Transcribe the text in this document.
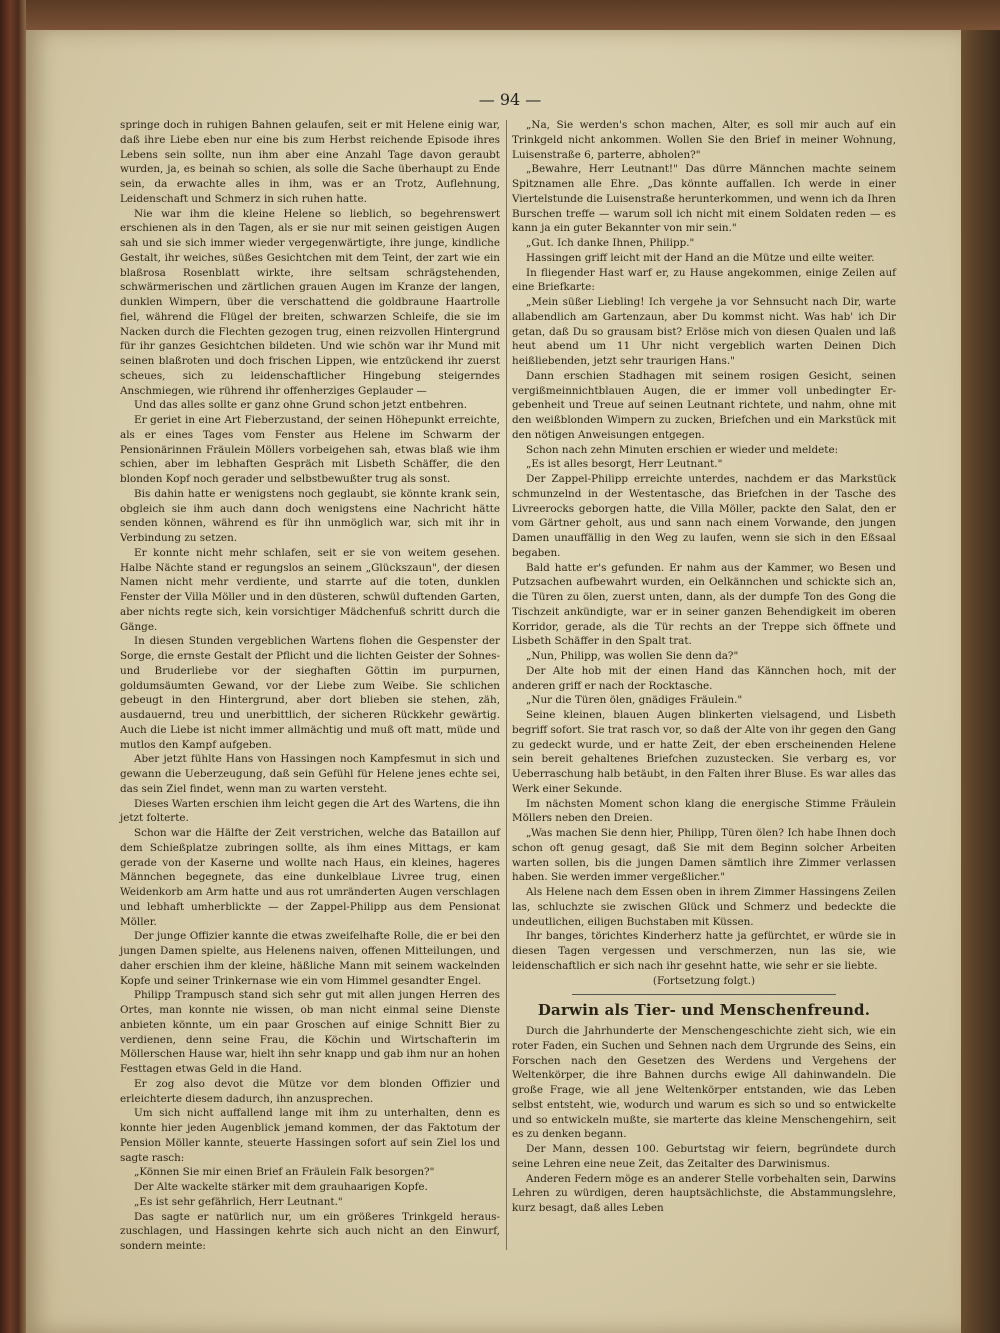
— 94 —

springe doch in ruhigen Bahnen gelaufen, seit er mit Helene einig war, daß ihre Liebe eben nur eine bis zum Herbst reichende Episode ihres Lebens sein sollte, nun ihm aber eine Anzahl Tage davon geraubt wurden, ja, es beinah so schien, als solle die Sache überhaupt zu Ende sein, da erwachte alles in ihm, was er an Trotz, Auflehnung, Leidenschaft und Schmerz in sich ruhen hatte.

Nie war ihm die kleine Helene so lieblich, so begehrenswert erschienen als in den Tagen, als er sie nur mit seinen geistigen Augen sah und sie sich immer wieder vergegenwärtigte, ihre junge, kindliche Gestalt, ihr weiches, süßes Gesichtchen mit dem Teint, der zart wie ein blaßrosa Rosenblatt wirkte, ihre seltsam schrägstehenden, schwärmerischen und zärtlichen grauen Augen im Kranze der langen, dunklen Wimpern, über die verschattend die goldbraune Haartrolle fiel, während die Flügel der breiten, schwarzen Schleife, die sie im Nacken durch die Flechten gezogen trug, einen reizvollen Hintergrund für ihr ganzes Gesichtchen bildeten. Und wie schön war ihr Mund mit seinen blaßroten und doch frischen Lippen, wie entzückend ihr zuerst scheues, sich zu leidenschaftlicher Hingebung steigerndes Anschmiegen, wie rührend ihr offenherziges Geplauder —

Und das alles sollte er ganz ohne Grund schon jetzt entbehren.

Er geriet in eine Art Fieberzustand, der seinen Höhepunkt erreichte, als er eines Tages vom Fenster aus Helene im Schwarm der Pensionärinnen Fräulein Möllers vorbeigehen sah, etwas blaß wie ihm schien, aber im lebhaften Gespräch mit Lisbeth Schäffer, die den blonden Kopf noch gerader und selbstbewußter trug als sonst.

Bis dahin hatte er wenigstens noch geglaubt, sie könnte krank sein, obgleich sie ihm auch dann doch wenigstens eine Nachricht hätte senden können, während es für ihn unmöglich war, sich mit ihr in Verbindung zu setzen.

Er konnte nicht mehr schlafen, seit er sie von weitem gesehen. Halbe Nächte stand er regungslos an seinem „Glückszaun", der diesen Namen nicht mehr verdiente, und starrte auf die toten, dunklen Fenster der Villa Möller und in den düsteren, schwül duftenden Garten, aber nichts regte sich, kein vorsichtiger Mädchenfuß schritt durch die Gänge.

In diesen Stunden vergeblichen Wartens flohen die Gespenster der Sorge, die ernste Gestalt der Pflicht und die lichten Geister der Sohnes- und Bruderliebe vor der sieghaften Göttin im purpurnen, goldumsäumten Gewand, vor der Liebe zum Weibe. Sie schlichen gebeugt in den Hintergrund, aber dort blieben sie stehen, zäh, ausdauernd, treu und unerbittlich, der sicheren Rückkehr gewärtig. Auch die Liebe ist nicht immer allmächtig und muß oft matt, müde und mutlos den Kampf aufgeben.

Aber jetzt fühlte Hans von Hassingen noch Kampfesmut in sich und gewann die Ueberzeugung, daß sein Gefühl für Helene jenes echte sei, das sein Ziel findet, wenn man zu warten versteht.

Dieses Warten erschien ihm leicht gegen die Art des Wartens, die ihn jetzt folterte.

Schon war die Hälfte der Zeit verstrichen, welche das Bataillon auf dem Schießplatze zubringen sollte, als ihm eines Mittags, er kam gerade von der Kaserne und wollte nach Haus, ein kleines, hageres Männchen begegnete, das eine dunkelblaue Livree trug, einen Weidenkorb am Arm hatte und aus rot umränderten Augen verschlagen und lebhaft umherblickte — der Zappel-Philipp aus dem Pensionat Möller.

Der junge Offizier kannte die etwas zweifelhafte Rolle, die er bei den jungen Damen spielte, aus Helenens naiven, offenen Mitteilungen, und daher erschien ihm der kleine, häßliche Mann mit seinem wackelnden Kopfe und seiner Trinkernase wie ein vom Himmel gesandter Engel.

Philipp Trampusch stand sich sehr gut mit allen jungen Herren des Ortes, man konnte nie wissen, ob man nicht einmal seine Dienste anbieten könnte, um ein paar Groschen auf einige Schnitt Bier zu verdienen, denn seine Frau, die Köchin und Wirtschafterin im Möllerschen Hause war, hielt ihn sehr knapp und gab ihm nur an hohen Festtagen etwas Geld in die Hand.

Er zog also devot die Mütze vor dem blonden Offizier und erleichterte diesem dadurch, ihn anzusprechen.

Um sich nicht auffallend lange mit ihm zu unterhalten, denn es konnte hier jeden Augenblick jemand kommen, der das Faktotum der Pension Möller kannte, steuerte Hassingen sofort auf sein Ziel los und sagte rasch:

„Können Sie mir einen Brief an Fräulein Falk besorgen?"

Der Alte wackelte stärker mit dem grauhaarigen Kopfe.

„Es ist sehr gefährlich, Herr Leutnant."

Das sagte er natürlich nur, um ein größeres Trinkgeld herauszuschlagen, und Hassingen kehrte sich auch nicht an den Einwurf, sondern meinte:

„Na, Sie werden's schon machen, Alter, es soll mir auch auf ein Trinkgeld nicht ankommen. Wollen Sie den Brief in meiner Wohnung, Luisenstraße 6, parterre, abholen?"

„Bewahre, Herr Leutnant!" Das dürre Männchen machte seinem Spitznamen alle Ehre. „Das könnte auffallen. Ich werde in einer Viertelstunde die Luisenstraße herunterkommen, und wenn ich da Ihren Burschen treffe — warum soll ich nicht mit einem Soldaten reden — es kann ja ein guter Bekannter von mir sein."

„Gut. Ich danke Ihnen, Philipp."

Hassingen griff leicht mit der Hand an die Mütze und eilte weiter.

In fliegender Hast warf er, zu Hause angekommen, einige Zeilen auf eine Briefkarte:

„Mein süßer Liebling! Ich vergehe ja vor Sehnsucht nach Dir, warte allabendlich am Gartenzaun, aber Du kommst nicht. Was hab' ich Dir getan, daß Du so grausam bist? Erlöse mich von diesen Qualen und laß heut abend um 11 Uhr nicht vergeblich warten Deinen Dich heißliebenden, jetzt sehr traurigen Hans."

Dann erschien Stadhagen mit seinem rosigen Gesicht, seinen vergißmeinnichtblauen Augen, die er immer voll unbedingter Ergebenheit und Treue auf seinen Leutnant richtete, und nahm, ohne mit den weißblonden Wimpern zu zucken, Briefchen und ein Markstück mit den nötigen Anweisungen entgegen.

Schon nach zehn Minuten erschien er wieder und meldete:

„Es ist alles besorgt, Herr Leutnant."

Der Zappel-Philipp erreichte unterdes, nachdem er das Markstück schmunzelnd in der Westentasche, das Briefchen in der Tasche des Livreerocks geborgen hatte, die Villa Möller, packte den Salat, den er vom Gärtner geholt, aus und sann nach einem Vorwande, den jungen Damen unauffällig in den Weg zu laufen, wenn sie sich in den Eßsaal begaben.

Bald hatte er's gefunden. Er nahm aus der Kammer, wo Besen und Putzsachen aufbewahrt wurden, ein Oelkännchen und schickte sich an, die Türen zu ölen, zuerst unten, dann, als der dumpfe Ton des Gong die Tischzeit ankündigte, war er in seiner ganzen Behendigkeit im oberen Korridor, gerade, als die Tür rechts an der Treppe sich öffnete und Lisbeth Schäffer in den Spalt trat.

„Nun, Philipp, was wollen Sie denn da?"

Der Alte hob mit der einen Hand das Kännchen hoch, mit der anderen griff er nach der Rocktasche.

„Nur die Türen ölen, gnädiges Fräulein."

Seine kleinen, blauen Augen blinkerten vielsagend, und Lisbeth begriff sofort. Sie trat rasch vor, so daß der Alte von ihr gegen den Gang zu gedeckt wurde, und er hatte Zeit, der eben erscheinenden Helene sein bereit gehaltenes Briefchen zuzustecken. Sie verbarg es, vor Ueberraschung halb betäubt, in den Falten ihrer Bluse. Es war alles das Werk einer Sekunde.

Im nächsten Moment schon klang die energische Stimme Fräulein Möllers neben den Dreien.

„Was machen Sie denn hier, Philipp, Türen ölen? Ich habe Ihnen doch schon oft genug gesagt, daß Sie mit dem Beginn solcher Arbeiten warten sollen, bis die jungen Damen sämtlich ihre Zimmer verlassen haben. Sie werden immer vergeßlicher."

Als Helene nach dem Essen oben in ihrem Zimmer Hassingens Zeilen las, schluchzte sie zwischen Glück und Schmerz und bedeckte die undeutlichen, eiligen Buchstaben mit Küssen.

Ihr banges, törichtes Kinderherz hatte ja gefürchtet, er würde sie in diesen Tagen vergessen und verschmerzen, nun las sie, wie leidenschaftlich er sich nach ihr gesehnt hatte, wie sehr er sie liebte.

(Fortsetzung folgt.)

Darwin als Tier- und Menschenfreund.

Durch die Jahrhunderte der Menschengeschichte zieht sich, wie ein roter Faden, ein Suchen und Sehnen nach dem Urgrunde des Seins, ein Forschen nach den Gesetzen des Werdens und Vergehens der Weltenkörper, die ihre Bahnen durchs ewige All dahinwandeln. Die große Frage, wie all jene Weltenkörper entstanden, wie das Leben selbst entsteht, wie, wodurch und warum es sich so und so entwickelte und so entwickeln mußte, sie marterte das kleine Menschengehirn, seit es zu denken begann.

Der Mann, dessen 100. Geburtstag wir feiern, begründete durch seine Lehren eine neue Zeit, das Zeitalter des Darwinismus.

Anderen Federn möge es an anderer Stelle vorbehalten sein, Darwins Lehren zu würdigen, deren hauptsächlichste, die Abstammungslehre, kurz besagt, daß alles Leben
